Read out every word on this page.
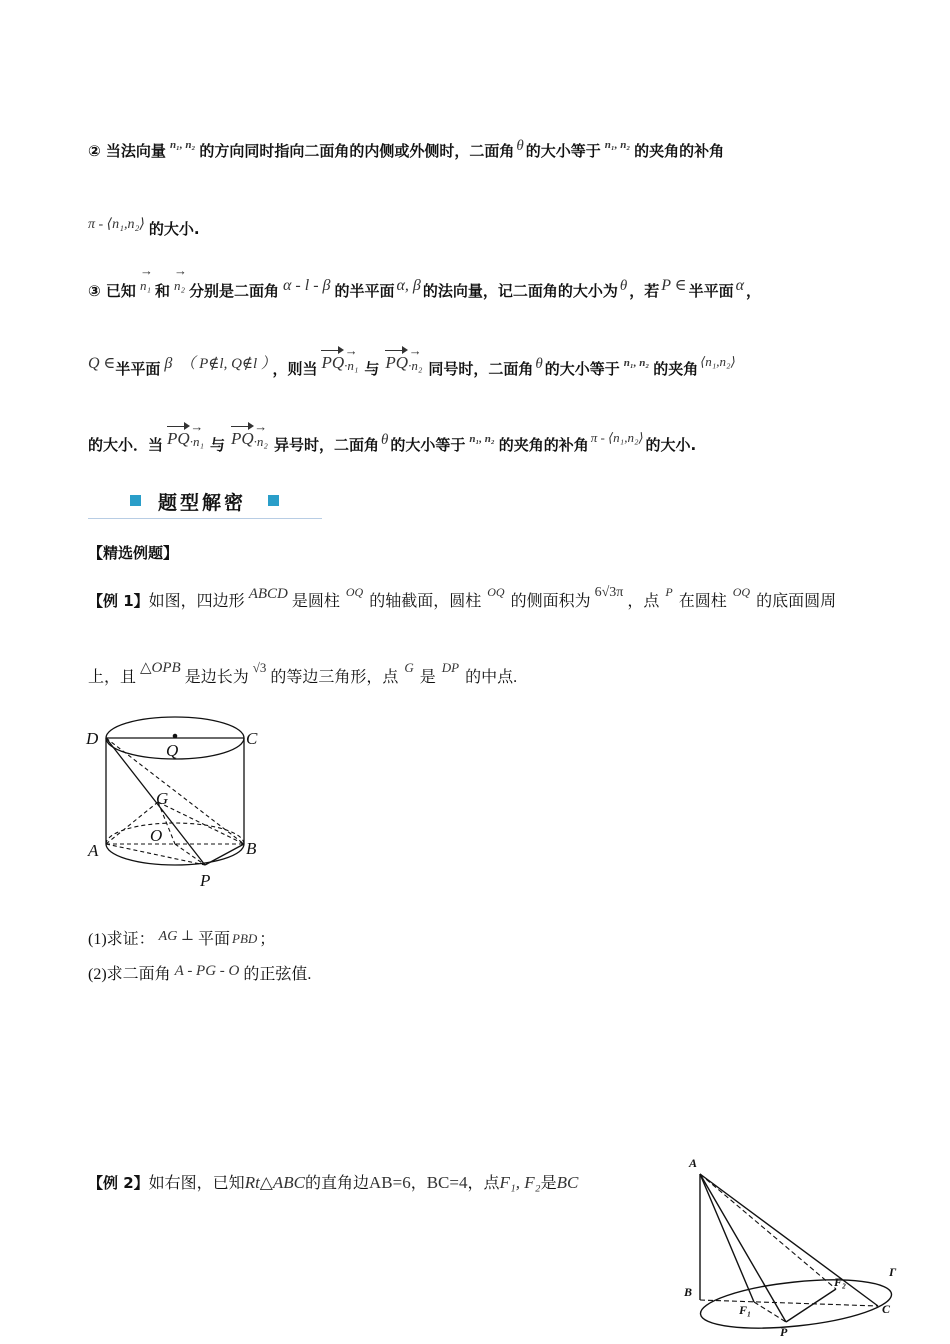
② 当法向量 $^{n_1, n_2}$ 的方向同时指向二面角的内侧或外侧时，二面角 θ 的大小等于 $^{n_1, n_2}$ 的夹角的补角
π - ⟨n₁,n₂⟩ 的大小.
③ 已知 → n₁ 和 → n₂ 分别是二面角 α - l - β 的半平面 α, β 的法向量，记二面角的大小为 θ ，若 P ∈ 半平面 α ，
Q ∈半平面 β （ P∉l, Q∉l ） ，则当 PQ→ ·n₁ 与 PQ→ ·n₂ 同号时，二面角 θ 的大小等于 $^{n_1, n_2}$ 的夹角 ⟨n₁,n₂⟩
的大小．当 PQ→ ·n₁ 与 PQ→ ·n₂ 异号时，二面角 θ 的大小等于 $^{n_1, n_2}$ 的夹角的补角 π - ⟨n₁,n₂⟩ 的大小.
题型解密
【精选例题】
【例 1】如图，四边形 ABCD 是圆柱$^{OQ}$的轴截面，圆柱$^{OQ}$的侧面积为6√3π，点$^P$在圆柱$^{OQ}$的底面圆周
上，且△OPB是边长为$^{√3}$的等边三角形，点$^G$是$^{DP}$的中点.
D	C
Q
G
O
A	B
P
(1)求证： AG ⊥ 平面 PBD ；
(2)求二面角 A - PG - O 的正弦值.
【例 2】如右图，已知Rt△ABC的直角边AB=6，BC=4，点F₁, F₂是BC
A
B
C
F₁
F₂
P
Γ
